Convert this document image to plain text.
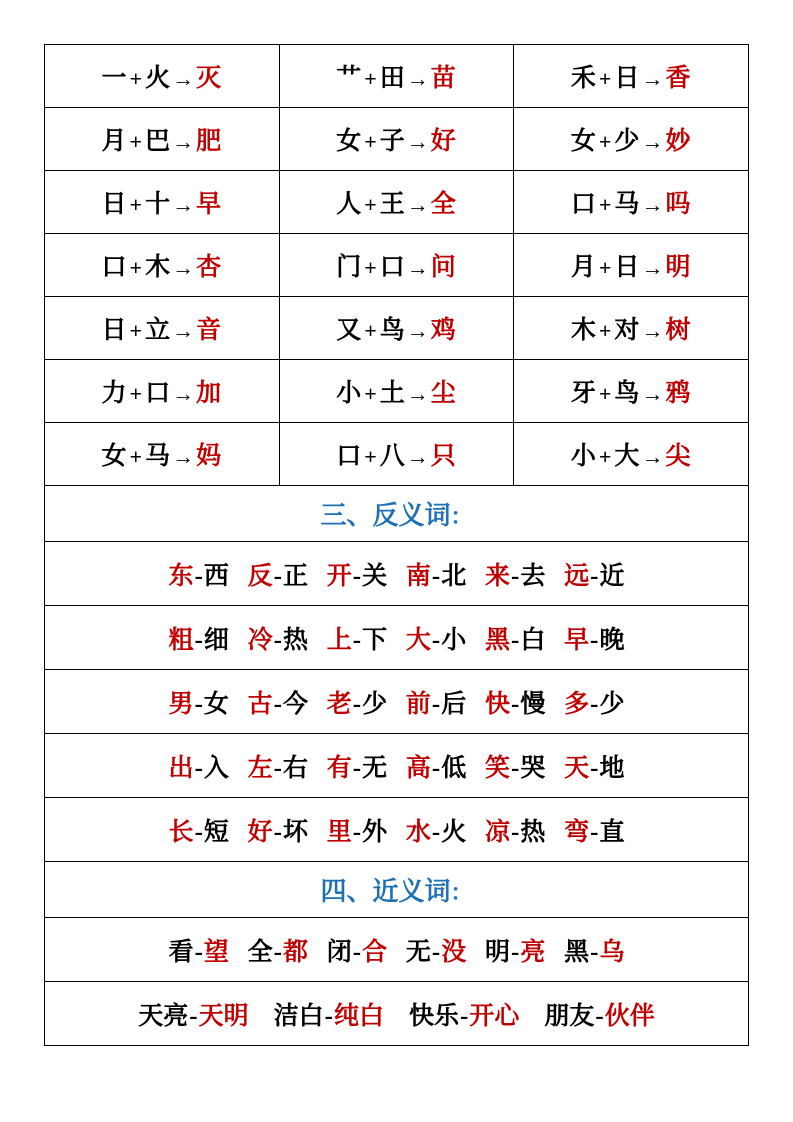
一+火→灭	艹+田→苗	禾+日→香
月+巴→肥	女+子→好	女+少→妙
日+十→早	人+王→全	口+马→吗
口+木→杏	门+口→问	月+日→明
日+立→音	又+鸟→鸡	木+对→树
力+口→加	小+土→尘	牙+鸟→鸦
女+马→妈	口+八→只	小+大→尖
三、反义词：		
东-西 反-正 开-关 南-北 来-去 远-近		
粗-细 冷-热 上-下 大-小 黑-白 早-晚		
男-女 古-今 老-少 前-后 快-慢 多-少		
出-入 左-右 有-无 高-低 笑-哭 天-地		
长-短 好-坏 里-外 水-火 凉-热 弯-直		
四、近义词：		
看-望 全-都 闭-合 无-没 明-亮 黑-乌		
天亮-天明 洁白-纯白 快乐-开心 朋友-伙伴		
